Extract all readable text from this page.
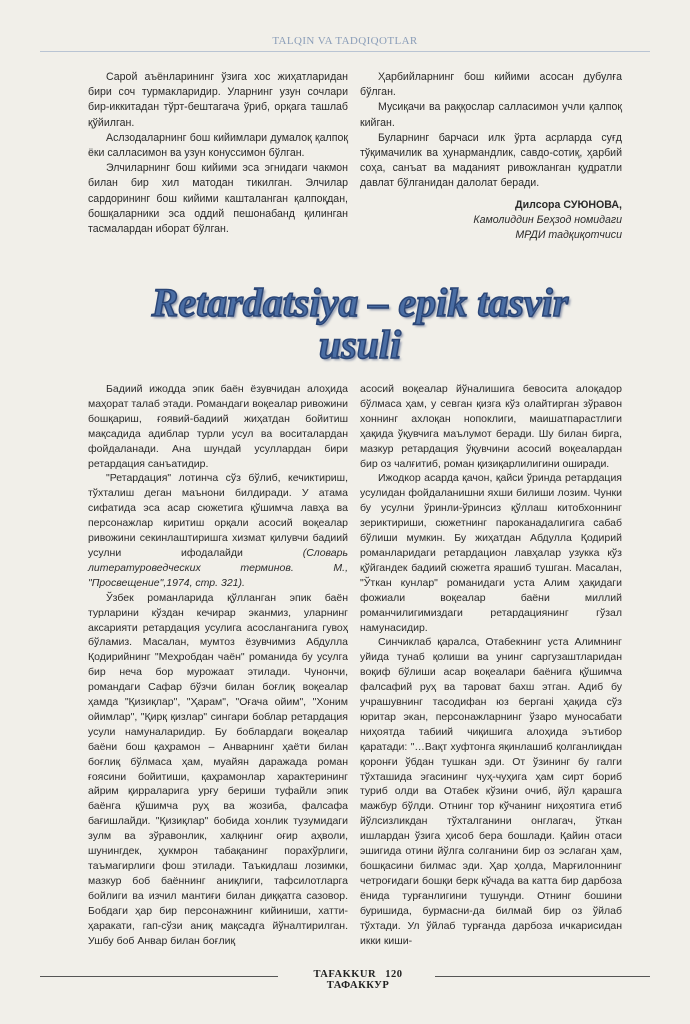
TALQIN VA TADQIQOTLAR

Сарой аъёнларининг ўзига хос жиҳатларидан бири соч турмакларидир. Уларнинг узун сочлари бир-иккитадан тўрт-бештагача ўриб, орқага ташлаб қўйилган.

Аслзодаларнинг бош кийимлари думалоқ қалпоқ ёки салласимон ва узун конуссимон бўлган.

Элчиларнинг бош кийими эса эгнидаги чакмон билан бир хил матодан тикилган. Элчилар сардорининг бош кийими кашталанган қалпоқдан, бошқаларники эса оддий пешонабанд қилинган тасмалардан иборат бўлган.

Ҳарбийларнинг бош кийими асосан дубулға бўлган.

Мусиқачи ва раққослар салласимон учли қалпоқ кийган.

Буларнинг барчаси илк ўрта асрларда суғд тўқимачилик ва ҳунармандлик, савдо-сотиқ, ҳарбий соҳа, санъат ва маданият ривожланган қудратли давлат бўлганидан далолат беради.

Дилсора СУЮНОВА,

Камолиддин Беҳзод номидаги

МРДИ тадқиқотчиси

Retardatsiya – epik tasvir
usuli

Бадиий ижодда эпик баён ёзувчидан алоҳида маҳорат талаб этади. Романдаги воқеалар ривожини бошқариш, ғоявий-бадиий жиҳатдан бойитиш мақсадида адиблар турли усул ва воситалардан фойдаланади. Ана шундай усуллардан бири ретардация санъатидир.

"Ретардация" лотинча сўз бўлиб, кечиктириш, тўхталиш деган маънони билдиради. У атама сифатида эса асар сюжетига қўшимча лавҳа ва персонажлар киритиш орқали асосий воқеалар ривожини секинлаштиришга хизмат қилувчи бадиий усулни ифодалайди	(Словарь литературоведческих терминов. М., "Просвещение",1974, стр. 321).

Ўзбек романларида қўлланган эпик баён турларини кўздан кечирар эканмиз, уларнинг аксарияти ретардация усулига асосланганига гувоҳ бўламиз. Масалан, мумтоз ёзувчимиз Абдулла Қодирийнинг "Меҳробдан чаён" романида бу усулга бир неча бор мурожаат этилади. Чунончи, романдаги Сафар бўзчи билан боғлиқ воқеалар ҳамда "Қизиқлар", "Ҳарам", "Оғача ойим", "Хоним ойимлар", "Қирқ қизлар" сингари боблар ретардация усули намуналаридир. Бу боблардаги воқеалар баёни бош қаҳрамон – Анварнинг ҳаёти билан боғлиқ бўлмаса ҳам, муайян даражада роман ғоясини бойитиши, қаҳрамонлар характерининг айрим қирраларига урғу бериши туфайли эпик баёнга қўшимча руҳ ва жозиба, фалсафа бағишлайди. "Қизиқлар" бобида хонлик тузумидаги зулм ва зўравонлик, халқнинг оғир аҳволи, шунингдек, ҳукмрон табақанинг порахўрлиги, таъмагирлиги фош этилади. Таъкидлаш лозимки, мазкур боб баённинг аниқлиги, тафсилотларга бойлиги ва изчил мантиғи билан диққатга сазовор. Бобдаги ҳар бир персонажнинг кийиниши, хатти-ҳаракати, гап-сўзи аниқ мақсадга йўналтирилган. Ушбу боб Анвар билан боғлиқ

асосий воқеалар йўналишига бевосита алоқадор бўлмаса ҳам, у севган қизга кўз олайтирган зўравон хоннинг ахлоқан нопоклиги, маишатпарастлиги ҳақида ўқувчига маълумот беради. Шу билан бирга, мазкур ретардация ўқувчини асосий воқеалардан бир оз чалғитиб, роман қизиқарлилигини оширади.

Ижодкор асарда қачон, қайси ўринда ретардация усулидан фойдаланишни яхши билиши лозим. Чунки бу усулни ўринли-ўринсиз қўллаш китобхоннинг зериктириши, сюжетнинг пароканадалигига сабаб бўлиши мумкин. Бу жиҳатдан Абдулла Қодирий романларидаги ретардацион лавҳалар узукка кўз қўйгандек бадиий сюжетга ярашиб тушган. Масалан, "Ўткан кунлар" романидаги уста Алим ҳақидаги фожиали воқеалар баёни миллий романчилигимиздаги ретардациянинг гўзал намунасидир.

Синчиклаб қаралса, Отабекнинг уста Алимнинг уйида тунаб қолиши ва унинг саргузаштларидан воқиф бўлиши асар воқеалари баёнига қўшимча фалсафий руҳ ва тароват бахш этган. Адиб бу учрашувнинг тасодифан юз берганi ҳақида сўз юритар экан, персонажларнинг ўзаро муносабати ниҳоятда табиий чиқишига алоҳида эътибор қаратади: "…Вақт хуфтонга яқинлашиб қолганлиқдан қоронғи ўбдан тушкан эди. От ўзининг бу галги тўхташида эгасининг чуҳ-чуҳига ҳам сирт бориб туриб олди ва Отабек кўзини очиб, йўл қарашга мажбур бўлди. Отнинг тор кўчанинг ниҳоятига етиб йўлсизликдан тўхталганини онглагач, ўткан ишлардан ўзига ҳисоб бера бошлади. Қайин отаси эшигида отини йўлга солганини бир оз эслаган ҳам, бошқасини билмас эди. Ҳар ҳолда, Марғилоннинг четроғидаги бошқи берк кўчада ва катта бир дарбоза ёнида турғанлигини тушунди. Отнинг бошини буришида, бурмасни-да билмай бир оз ўйлаб тўхтади. Ул ўйлаб турғанда дарбоза ичкарисидан икки киши-

TAFAKKUR 120 ТАФАККУР
